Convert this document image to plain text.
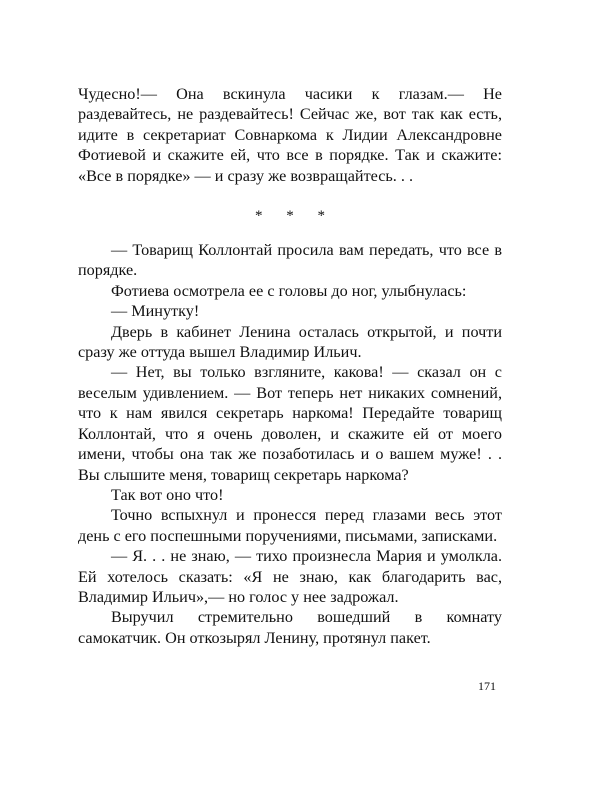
Чудесно!— Она вскинула часики к глазам.— Не раздевайтесь, не раздевайтесь! Сейчас же, вот так как есть, идите в секретариат Совнаркома к Лидии Александровне Фотиевой и скажите ей, что все в порядке. Так и скажите: «Все в порядке» — и сразу же возвращайтесь. . .

* * *

— Товарищ Коллонтай просила вам передать, что все в порядке.

Фотиева осмотрела ее с головы до ног, улыбнулась:

— Минутку!

Дверь в кабинет Ленина осталась открытой, и почти сразу же оттуда вышел Владимир Ильич.

— Нет, вы только взгляните, какова! — сказал он с веселым удивлением. — Вот теперь нет никаких сомнений, что к нам явился секретарь наркома! Передайте товарищ Коллонтай, что я очень доволен, и скажите ей от моего имени, чтобы она так же позаботилась и о вашем муже! . . Вы слышите меня, товарищ секретарь наркома?

Так вот оно что!

Точно вспыхнул и пронесся перед глазами весь этот день с его поспешными поручениями, письмами, записками.

— Я. . . не знаю, — тихо произнесла Мария и умолкла. Ей хотелось сказать: «Я не знаю, как благодарить вас, Владимир Ильич»,— но голос у нее задрожал.

Выручил стремительно вошедший в комнату самокатчик. Он откозырял Ленину, протянул пакет.

171
